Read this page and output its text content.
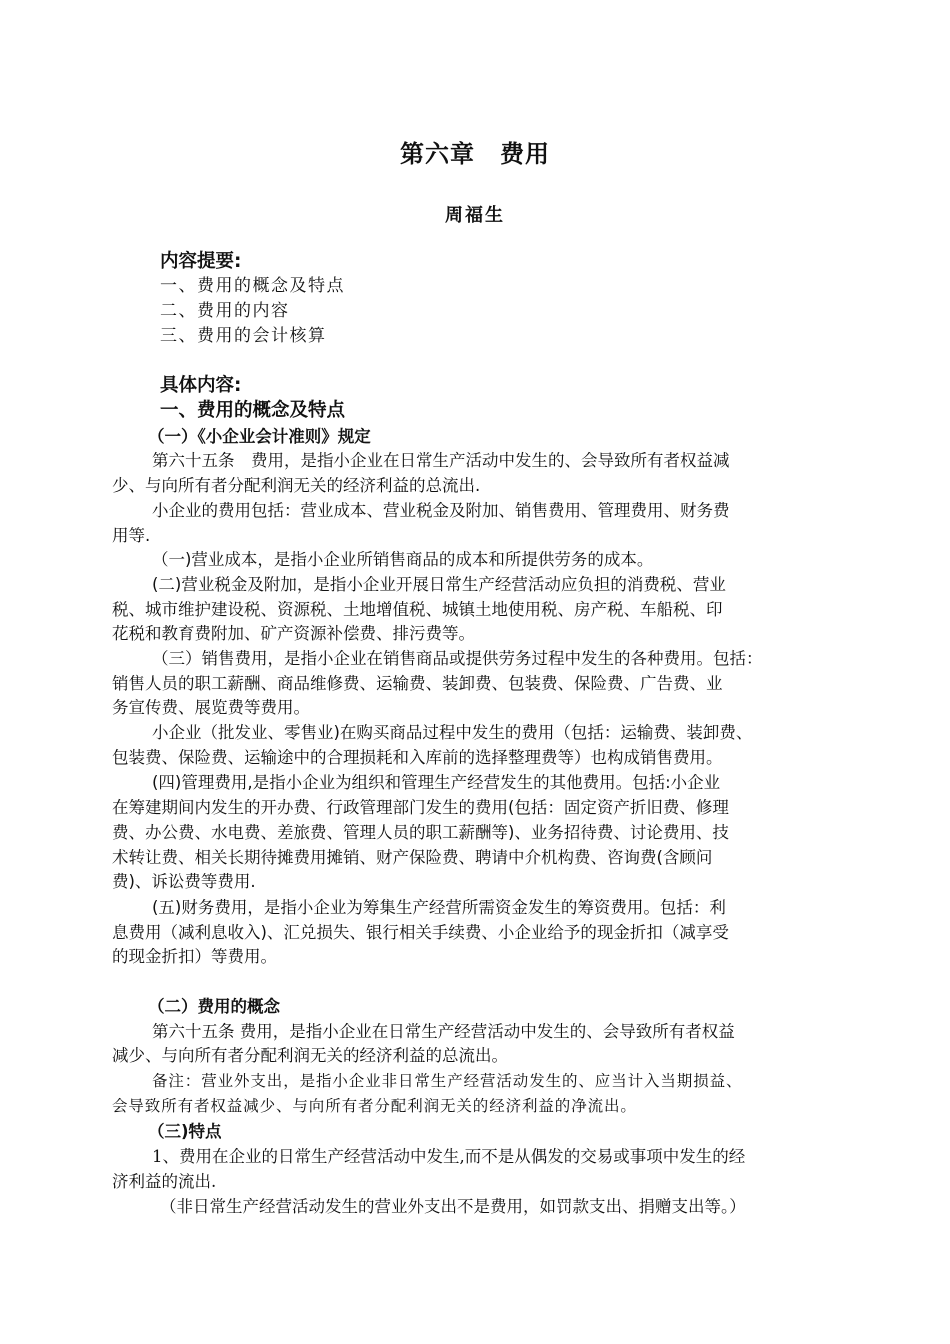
第六章　费用
周福生
内容提要:
一、费用的概念及特点
二、费用的内容
三、费用的会计核算
具体内容:
一、费用的概念及特点
（一）《小企业会计准则》规定
第六十五条　费用，是指小企业在日常生产活动中发生的、会导致所有者权益减
少、与向所有者分配利润无关的经济利益的总流出.
小企业的费用包括：营业成本、营业税金及附加、销售费用、管理费用、财务费
用等.
（一)营业成本，是指小企业所销售商品的成本和所提供劳务的成本。
(二)营业税金及附加，是指小企业开展日常生产经营活动应负担的消费税、营业
税、城市维护建设税、资源税、土地增值税、城镇土地使用税、房产税、车船税、印
花税和教育费附加、矿产资源补偿费、排污费等。
（三）销售费用，是指小企业在销售商品或提供劳务过程中发生的各种费用。包括：
销售人员的职工薪酬、商品维修费、运输费、装卸费、包装费、保险费、广告费、业
务宣传费、展览费等费用。
小企业（批发业、零售业)在购买商品过程中发生的费用（包括：运输费、装卸费、
包装费、保险费、运输途中的合理损耗和入库前的选择整理费等）也构成销售费用。
(四)管理费用,是指小企业为组织和管理生产经营发生的其他费用。包括:小企业
在筹建期间内发生的开办费、行政管理部门发生的费用(包括：固定资产折旧费、修理
费、办公费、水电费、差旅费、管理人员的职工薪酬等)、业务招待费、讨论费用、技
术转让费、相关长期待摊费用摊销、财产保险费、聘请中介机构费、咨询费(含顾问
费)、诉讼费等费用.
(五)财务费用，是指小企业为筹集生产经营所需资金发生的筹资费用。包括：利
息费用（减利息收入)、汇兑损失、银行相关手续费、小企业给予的现金折扣（减享受
的现金折扣）等费用。
（二）费用的概念
第六十五条 费用，是指小企业在日常生产经营活动中发生的、会导致所有者权益
减少、与向所有者分配利润无关的经济利益的总流出。
备注：营业外支出，是指小企业非日常生产经营活动发生的、应当计入当期损益、
会导致所有者权益减少、与向所有者分配利润无关的经济利益的净流出。
（三)特点
1、费用在企业的日常生产经营活动中发生,而不是从偶发的交易或事项中发生的经
济利益的流出.
（非日常生产经营活动发生的营业外支出不是费用，如罚款支出、捐赠支出等。）
